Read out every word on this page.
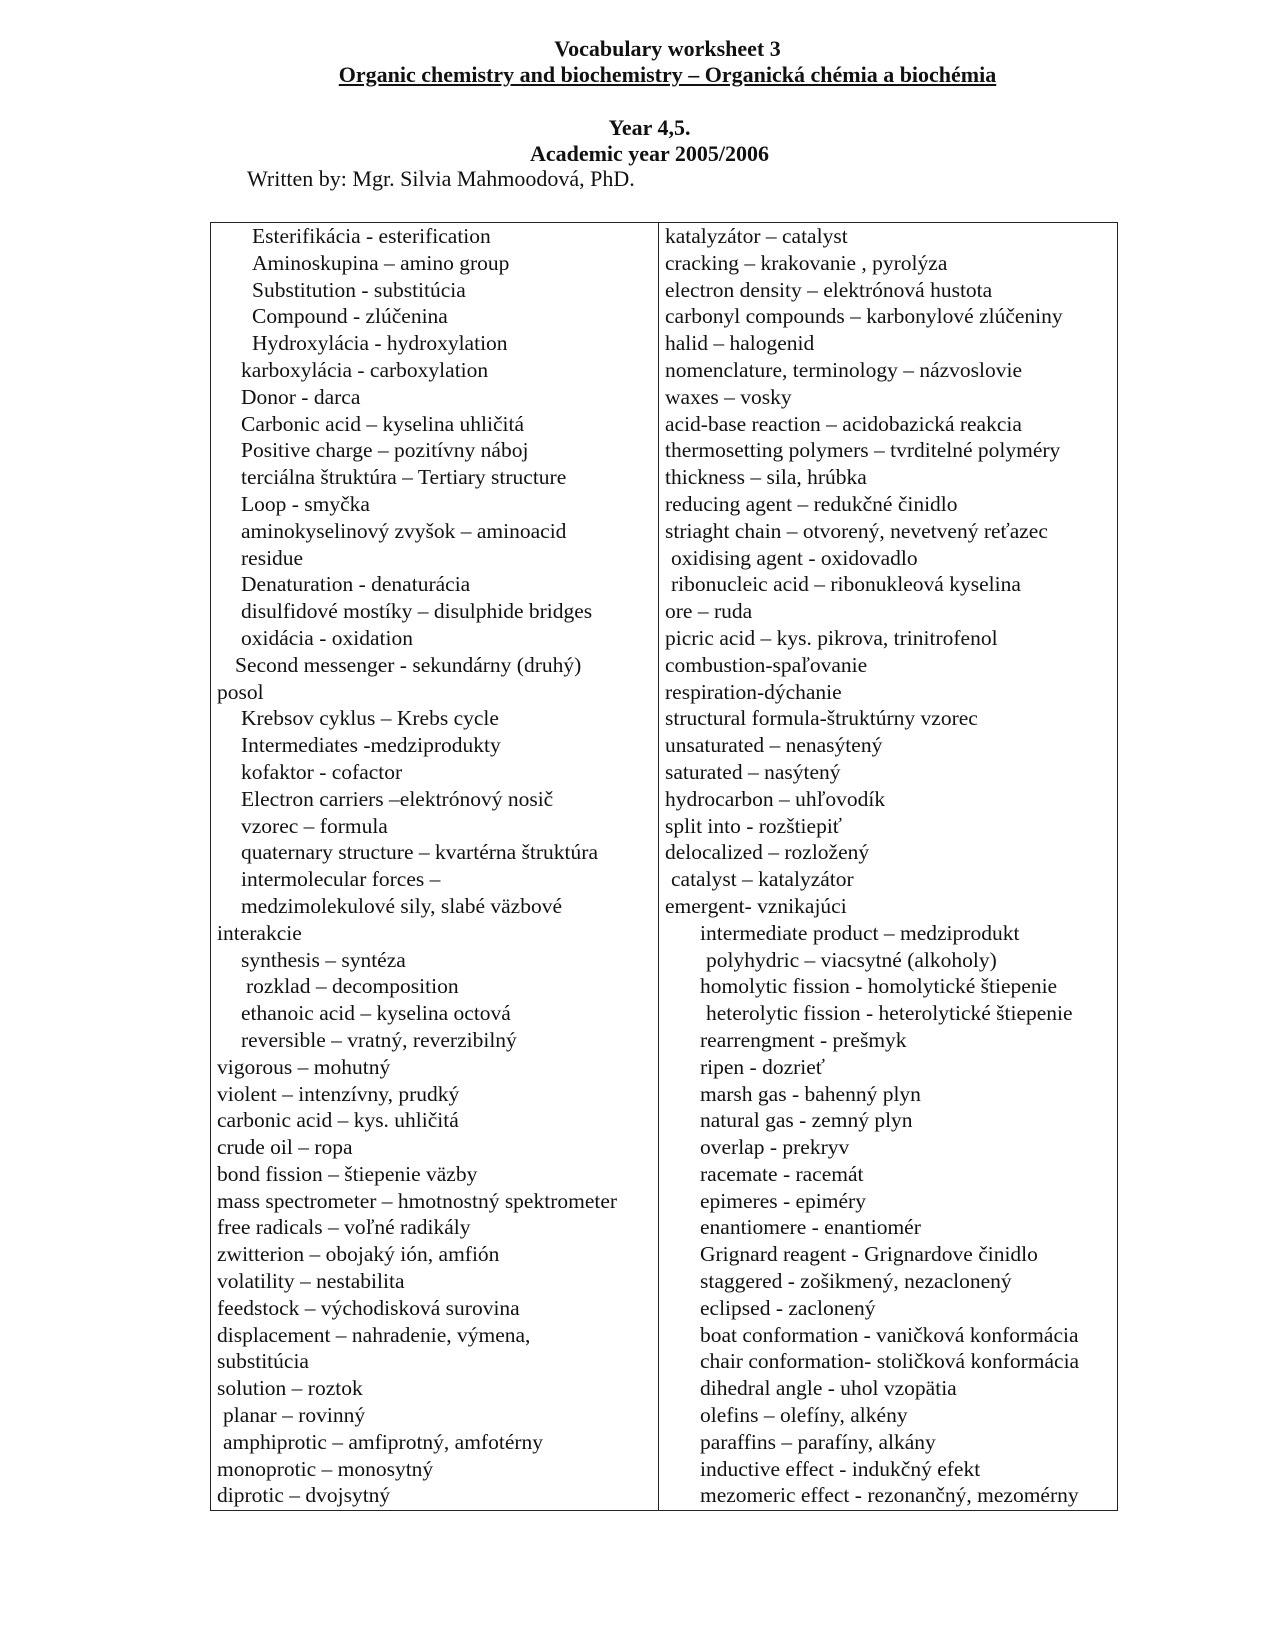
Vocabulary worksheet 3
Organic chemistry and biochemistry – Organická chémia a biochémia
Year 4,5.
Academic year 2005/2006
Written by: Mgr. Silvia Mahmoodová, PhD.
Esterifikácia - esterification
Aminoskupina – amino group
Substitution - substitúcia
Compound - zlúčenina
Hydroxylácia - hydroxylation
karboxylácia - carboxylation
Donor - darca
Carbonic acid – kyselina uhličitá
Positive charge – pozitívny náboj
terciálna štruktúra – Tertiary structure
Loop - smyčka
aminokyselinový zvyšok – aminoacid
residue
Denaturation - denaturácia
disulfidové mostíky – disulphide bridges
oxidácia - oxidation
Second messenger - sekundárny (druhý)
posol
Krebsov cyklus – Krebs cycle
Intermediates -medziprodukty
kofaktor - cofactor
Electron carriers –elektrónový nosič
vzorec – formula
quaternary structure – kvartérna štruktúra
intermolecular forces –
medzimolekulové sily, slabé väzbové
interakcie
synthesis – syntéza
rozklad – decomposition
ethanoic acid – kyselina octová
reversible – vratný, reverzibilný
vigorous – mohutný
violent – intenzívny, prudký
carbonic acid – kys. uhličitá
crude oil – ropa
bond fission – štiepenie väzby
mass spectrometer – hmotnostný spektrometer
free radicals – voľné radikály
zwitterion – obojaký ión, amfión
volatility – nestabilita
feedstock – východisková surovina
displacement – nahradenie, výmena,
substitúcia
solution – roztok
planar – rovinný
amphiprotic – amfiprotný, amfotérny
monoprotic – monosytný
diprotic – dvojsytný
katalyzátor – catalyst
cracking – krakovanie , pyrolýza
electron density – elektrónová hustota
carbonyl compounds – karbonylové zlúčeniny
halid – halogenid
nomenclature, terminology – názvoslovie
waxes – vosky
acid-base reaction – acidobazická reakcia
thermosetting polymers – tvrditelné polyméry
thickness – sila, hrúbka
reducing agent – redukčné činidlo
striaght chain – otvorený, nevetvený reťazec
oxidising agent - oxidovadlo
ribonucleic acid – ribonukleová kyselina
ore – ruda
picric acid – kys. pikrova, trinitrofenol
combustion-spaľovanie
respiration-dýchanie
structural formula-štruktúrny vzorec
unsaturated – nenasýtený
saturated – nasýtený
hydrocarbon – uhľovodík
split into - rozštiepiť
delocalized – rozložený
catalyst – katalyzátor
emergent- vznikajúci
intermediate product – medziprodukt
polyhydric – viacsytné (alkoholy)
homolytic fission - homolytické štiepenie
heterolytic fission - heterolytické štiepenie
rearrengment - prešmyk
ripen - dozrieť
marsh gas - bahenný plyn
natural gas - zemný plyn
overlap - prekryv
racemate - racemát
epimeres - epiméry
enantiomere - enantiomér
Grignard reagent - Grignardove činidlo
staggered - zošikmený, nezaclonený
eclipsed - zaclonený
boat conformation - vaničková konformácia
chair conformation- stoličková konformácia
dihedral angle - uhol vzopätia
olefins – olefíny, alkény
paraffins – parafíny, alkány
inductive effect - indukčný efekt
mezomeric effect - rezonančný, mezomérny
